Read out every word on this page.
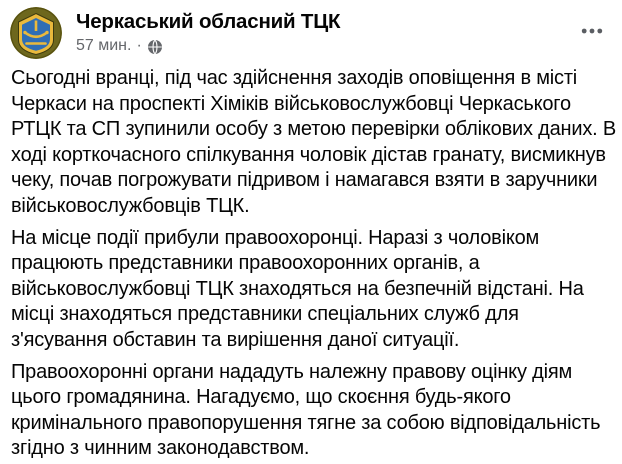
Черкаський обласний ТЦК
57 мин. ·

Сьогодні вранці, під час здійснення заходів оповіщення в місті Черкаси на проспекті Хіміків військовослужбовці Черкаського РТЦК та СП зупинили особу з метою перевірки облікових даних. В ході корткочасного спілкування чоловік дістав гранату, висмикнув чеку, почав погрожувати підривом і намагався взяти в заручники військовослужбовців ТЦК.

На місце події прибули правоохоронці. Наразі з чоловіком працюють представники правоохоронних органів, а військовослужбовці ТЦК знаходяться на безпечній відстані. На місці знаходяться представники спеціальних служб для з'ясування обставин та вирішення даної ситуації.

Правоохоронні органи нададуть належну правову оцінку діям цього громадянина. Нагадуємо, що скоєння будь-якого кримінального правопорушення тягне за собою відповідальність згідно з чинним законодавством.
